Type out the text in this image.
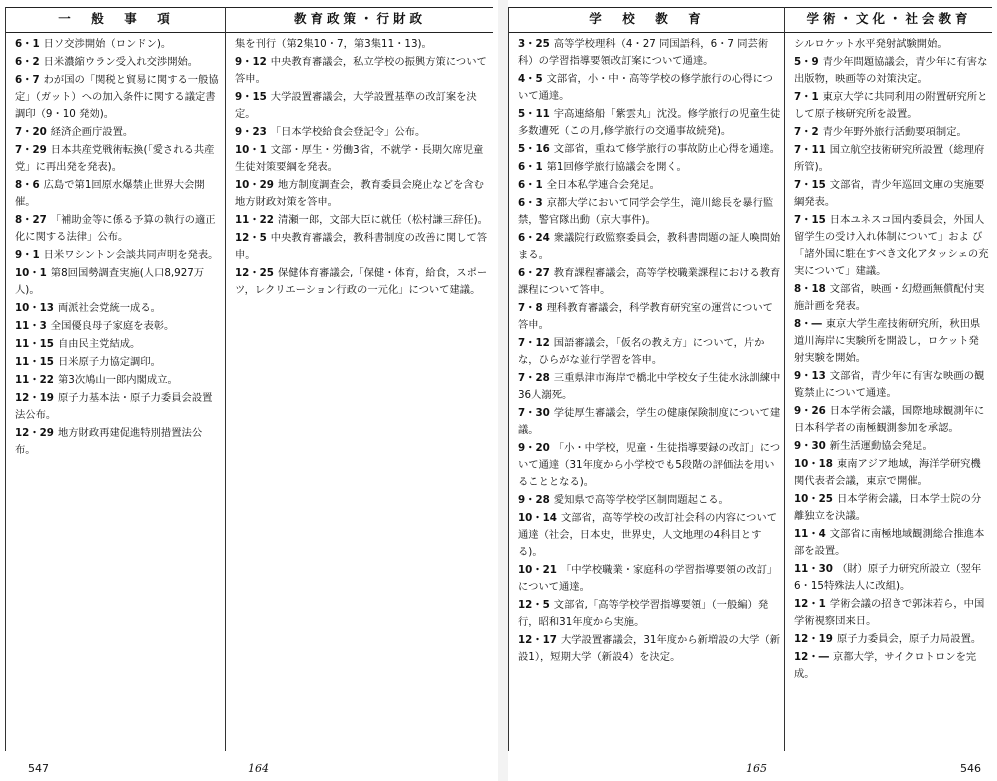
一　般　事　項
6・1 日ソ交渉開始（ロンドン)。
6・2 日米濃縮ウラン受入れ交渉開始。
6・7 わが国の「関税と貿易に関する一般協定」（ガット）への加入条件に関する議定書調印（9・10 発効)。
7・20 経済企画庁設置。
7・29 日本共産党戦術転換(「愛される共産党」に再出発を発表)。
8・6 広島で第1回原水爆禁止世界大会開催。
8・27 「補助金等に係る予算の執行の適正化に関する法律」公布。
9・1 日米ワシントン会談共同声明を発表。
10・1 第8回国勢調査実施(人口8,927万人)。
10・13 両派社会党統一成る。
11・3 全国優良母子家庭を表彰。
11・15 自由民主党結成。
11・15 日米原子力協定調印。
11・22 第3次鳩山一郎内閣成立。
12・19 原子力基本法・原子力委員会設置法公布。
12・29 地方財政再建促進特別措置法公布。
教育政策・行財政
集を刊行（第2集10・7，第3集11・13)。
9・12 中央教育審議会，私立学校の振興方策について答申。
9・15 大学設置審議会，大学設置基準の改訂案を決定。
9・23 「日本学校給食会登記令」公布。
10・1 文部・厚生・労働3省，不就学・長期欠席児童生徒対策要綱を発表。
10・29 地方制度調査会，教育委員会廃止などを含む地方財政対策を答申。
11・22 清瀬一郎，文部大臣に就任（松村謙三辞任)。
12・5 中央教育審議会，教科書制度の改善に関して答申。
12・25 保健体育審議会,「保健・体育，給食，スポーツ，レクリエーション行政の一元化」について建議。
学　校　教　育
3・25 高等学校理科（4・27 同国語科，6・7 同芸術科）の学習指導要領改訂案について通達。
4・5 文部省，小・中・高等学校の修学旅行の心得について通達。
5・11 宇高連絡船「紫雲丸」沈没。修学旅行の児童生徒多数遭死（この月,修学旅行の交通事故続発)。
5・16 文部省，重ねて修学旅行の事故防止心得を通達。
6・1 第1回修学旅行協議会を開く。
6・1 全日本私学連合会発足。
6・3 京都大学において同学会学生，滝川総長を暴行監禁，警官隊出動（京大事件)。
6・24 衆議院行政監察委員会，教科書問題の証人喚問始まる。
6・27 教育課程審議会，高等学校職業課程における教育課程について答申。
7・8 理科教育審議会，科学教育研究室の運営について答申。
7・12 国語審議会，「仮名の教え方」について，片かな，ひらがな並行学習を答申。
7・28 三重県津市海岸で橋北中学校女子生徒水泳訓練中36人溺死。
7・30 学徒厚生審議会，学生の健康保険制度について建議。
9・20 「小・中学校，児童・生徒指導要録の改訂」について通達（31年度から小学校でも5段階の評価法を用いることとなる)。
9・28 愛知県で高等学校学区制問題起こる。
10・14 文部省，高等学校の改訂社会科の内容について通達（社会，日本史，世界史，人文地理の4科目とする)。
10・21 「中学校職業・家庭科の学習指導要領の改訂」について通達。
12・5 文部省,「高等学校学習指導要領」（一般編）発行，昭和31年度から実施。
12・17 大学設置審議会，31年度から新増設の大学（新設1），短期大学（新設4）を決定。
学術・文化・社会教育
シルロケット水平発射試験開始。
5・9 青少年問題協議会，青少年に有害な出版物，映画等の対策決定。
7・1 東京大学に共同利用の附置研究所として原子核研究所を設置。
7・2 青少年野外旅行活動要項制定。
7・11 国立航空技術研究所設置（総理府所管)。
7・15 文部省，青少年巡回文庫の実施要綱発表。
7・15 日本ユネスコ国内委員会，外国人留学生の受け入れ体制について」およ び「諸外国に駐在すべき文化アタッシェの充実について」建議。
8・18 文部省，映画・幻燈画無償配付実施計画を発表。
8・― 東京大学生産技術研究所，秋田県道川海岸に実験所を開設し，ロケット発射実験を開始。
9・13 文部省，青少年に有害な映画の観覧禁止について通達。
9・26 日本学術会議，国際地球観測年に日本科学者の南極観測参加を承認。
9・30 新生活運動協会発足。
10・18 東南アジア地域，海洋学研究機関代表者会議，東京で開催。
10・25 日本学術会議，日本学士院の分離独立を決議。
11・4 文部省に南極地域観測総合推進本部を設置。
11・30 （財）原子力研究所設立（翌年6・15特殊法人に改組)。
12・1 学術会議の招きで郭沫若ら，中国学術視察団来日。
12・19 原子力委員会，原子力局設置。
12・― 京都大学，サイクロトロンを完成。
547	164	165	546
